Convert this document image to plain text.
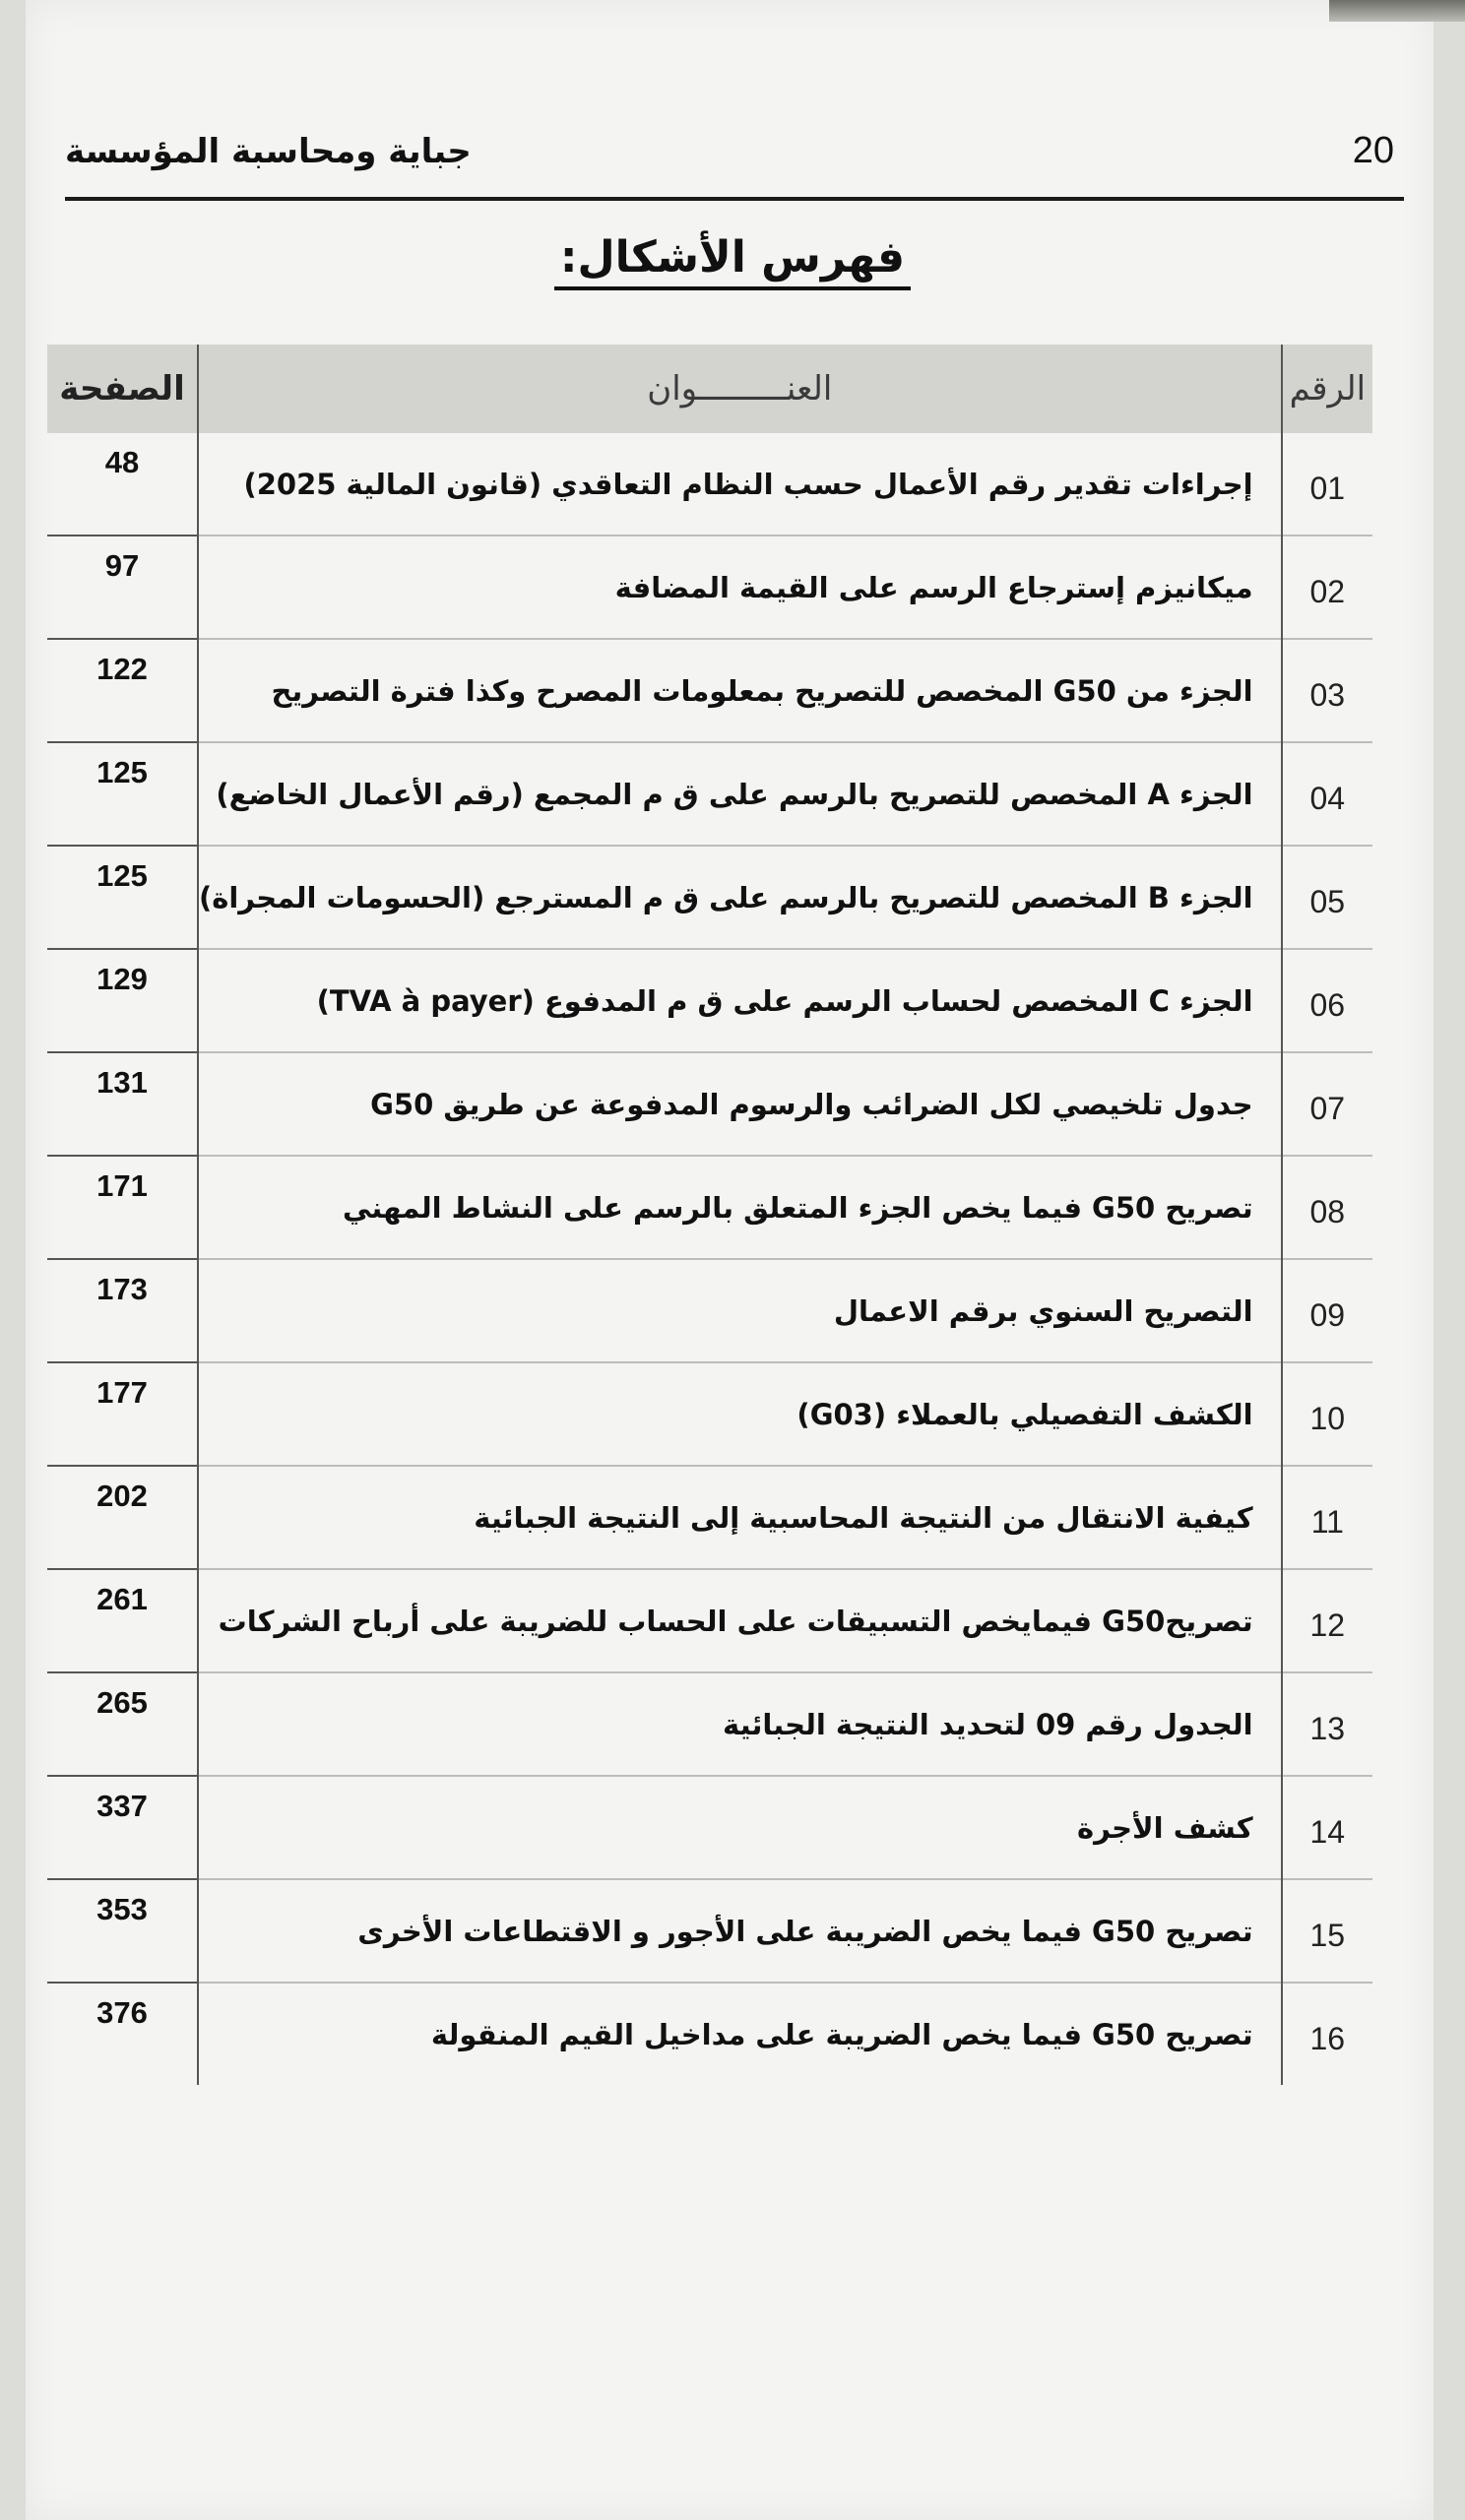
جباية ومحاسبة المؤسسة	20
فهرس الأشكال:
الرقم	العنـــــــــوان	الصفحة
01	إجراءات تقدير رقم الأعمال حسب النظام التعاقدي (قانون المالية 2025)	48
02	ميكانيزم إسترجاع الرسم على القيمة المضافة	97
03	الجزء من G50 المخصص للتصريح بمعلومات المصرح وكذا فترة التصريح	122
04	الجزء A المخصص للتصريح بالرسم على ق م المجمع (رقم الأعمال الخاضع)	125
05	الجزء B المخصص للتصريح بالرسم على ق م المسترجع (الحسومات المجراة)	125
06	الجزء C المخصص لحساب الرسم على ق م المدفوع (TVA à payer)	129
07	جدول تلخيصي لكل الضرائب والرسوم المدفوعة عن طريق G50	131
08	تصريح G50 فيما يخص الجزء المتعلق بالرسم على النشاط المهني	171
09	التصريح السنوي برقم الاعمال	173
10	الكشف التفصيلي بالعملاء (G03)	177
11	كيفية الانتقال من النتيجة المحاسبية إلى النتيجة الجبائية	202
12	تصريحG50 فيمايخص التسبيقات على الحساب للضريبة على أرباح الشركات	261
13	الجدول رقم 09 لتحديد النتيجة الجبائية	265
14	كشف الأجرة	337
15	تصريح G50 فيما يخص الضريبة على الأجور و الاقتطاعات الأخرى	353
16	تصريح G50 فيما يخص الضريبة على مداخيل القيم المنقولة	376
